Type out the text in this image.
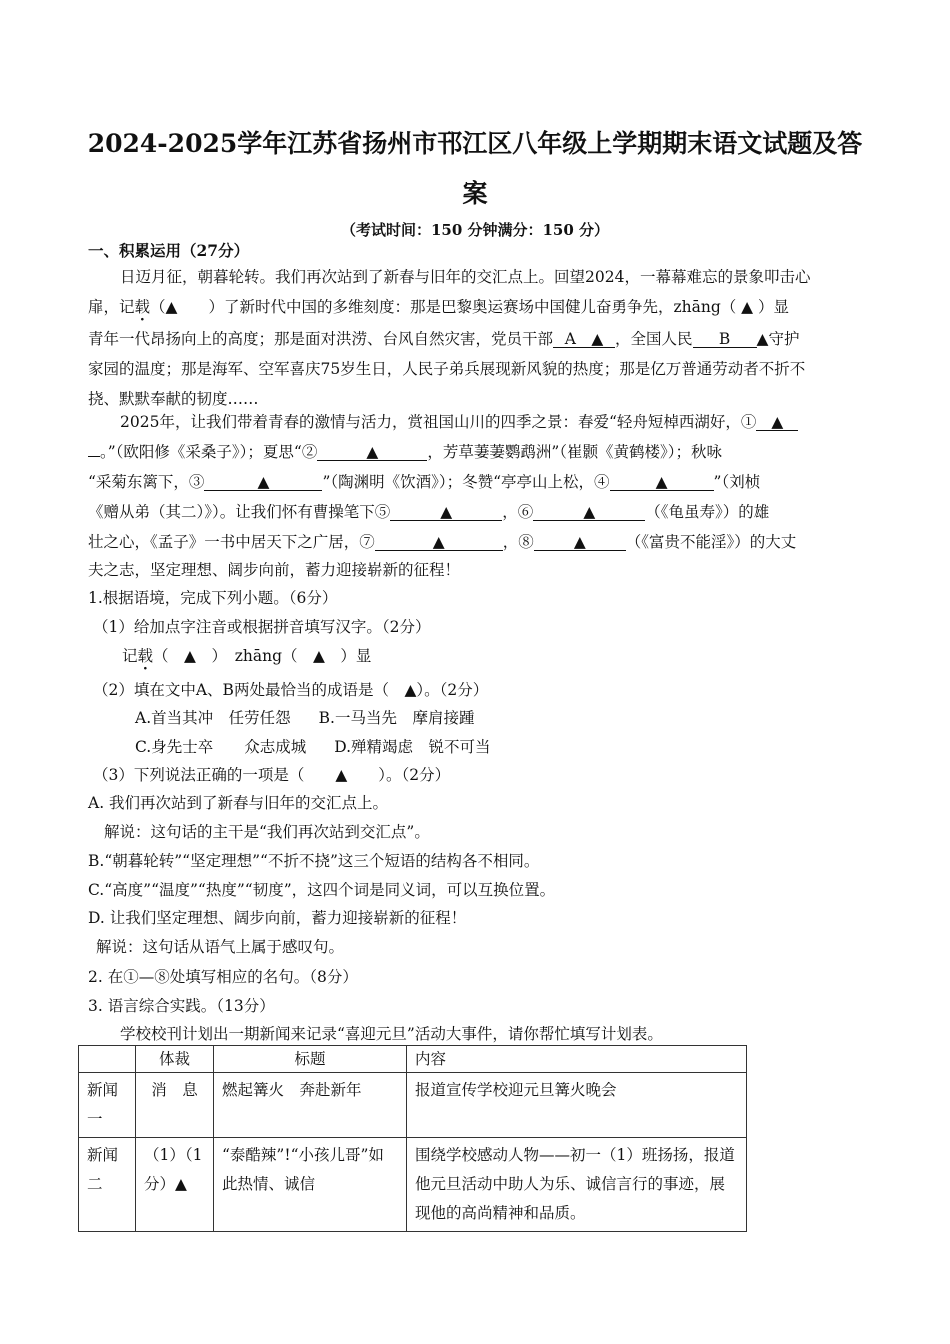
2024-2025学年江苏省扬州市邗江区八年级上学期期末语文试题及答
案
（考试时间：150 分钟满分：150 分）
一、积累运用（27分）
日迈月征，朝暮轮转。我们再次站到了新春与旧年的交汇点上。回望2024，一幕幕难忘的景象叩击心
扉，记载（▲　　）了新时代中国的多维刻度：那是巴黎奥运赛场中国健儿奋勇争先，zhāng（ ▲ ）显
青年一代昂扬向上的高度；那是面对洪涝、台风自然灾害，党员干部 A　▲ ，全国人民 B　▲守护
家园的温度；那是海军、空军喜庆75岁生日，人民子弟兵展现新风貌的热度；那是亿万普通劳动者不折不
挠、默默奉献的韧度……
2025年，让我们带着青春的激情与活力，赏祖国山川的四季之景：春爱“轻舟短棹西湖好，① ▲
。”（欧阳修《采桑子》）；夏思“②	▲	，芳草萋萋鹦鹉洲”（崔颢《黄鹤楼》）；秋咏
“采菊东篱下，③	▲	”（陶渊明《饮酒》）；冬赞“亭亭山上松，④	▲	”（刘桢
《赠从弟（其二）》）。让我们怀有曹操笔下⑤	▲	，⑥	▲	（《龟虽寿》）的雄
壮之心，《孟子》一书中居天下之广居，⑦	▲	，⑧	▲	（《富贵不能淫》）的大丈
夫之志，坚定理想、阔步向前，蓄力迎接崭新的征程！
1.根据语境，完成下列小题。（6分）
（1）给加点字注音或根据拼音填写汉字。（2分）
记载（　▲　）　zhāng（　▲　）显
（2）填在文中A、B两处最恰当的成语是（　▲）。（2分）
A.首当其冲　任劳任怨 B.一马当先　摩肩接踵
C.身先士卒　　众志成城 D.殚精竭虑　锐不可当
（3）下列说法正确的一项是（　　▲　　）。（2分）
A. 我们再次站到了新春与旧年的交汇点上。
解说：这句话的主干是“我们再次站到交汇点”。
B.“朝暮轮转”“坚定理想”“不折不挠”这三个短语的结构各不相同。
C.“高度”“温度”“热度”“韧度”，这四个词是同义词，可以互换位置。
D. 让我们坚定理想、阔步向前，蓄力迎接崭新的征程！
解说：这句话从语气上属于感叹句。
2. 在①—⑧处填写相应的名句。（8分）
3. 语言综合实践。（13分）
学校校刊计划出一期新闻来记录“喜迎元旦”活动大事件，请你帮忙填写计划表。
	体裁	标题	内容
新闻一	消　息	燃起篝火　奔赴新年	报道宣传学校迎元旦篝火晚会
新闻二	（1）（1分）▲	“泰酷辣”!“小孩儿哥”如此热情、诚信	围绕学校感动人物——初一（1）班扬扬，报道他元旦活动中助人为乐、诚信言行的事迹，展现他的高尚精神和品质。
